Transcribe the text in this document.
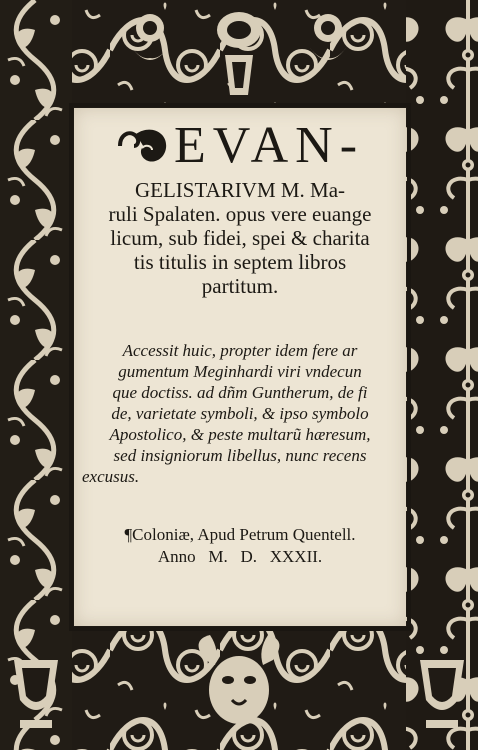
EVAN-
GELISTARIVM M. Ma-
ruli Spalaten. opus vere euange
licum, sub fidei, spei & charita
tis titulis in septem libros
partitum.
Accessit huic, propter idem fere ar
gumentum Meginhardi viri vndecun
que doctiss. ad dñm Guntherum, de fi
de, varietate symboli, & ipso symbolo
Apostolico, & peste multarũ hæresum,
sed insigniorum libellus, nunc recens
excusus.
¶Coloniæ, Apud Petrum Quentell.
Anno   M.   D.   XXXII.
